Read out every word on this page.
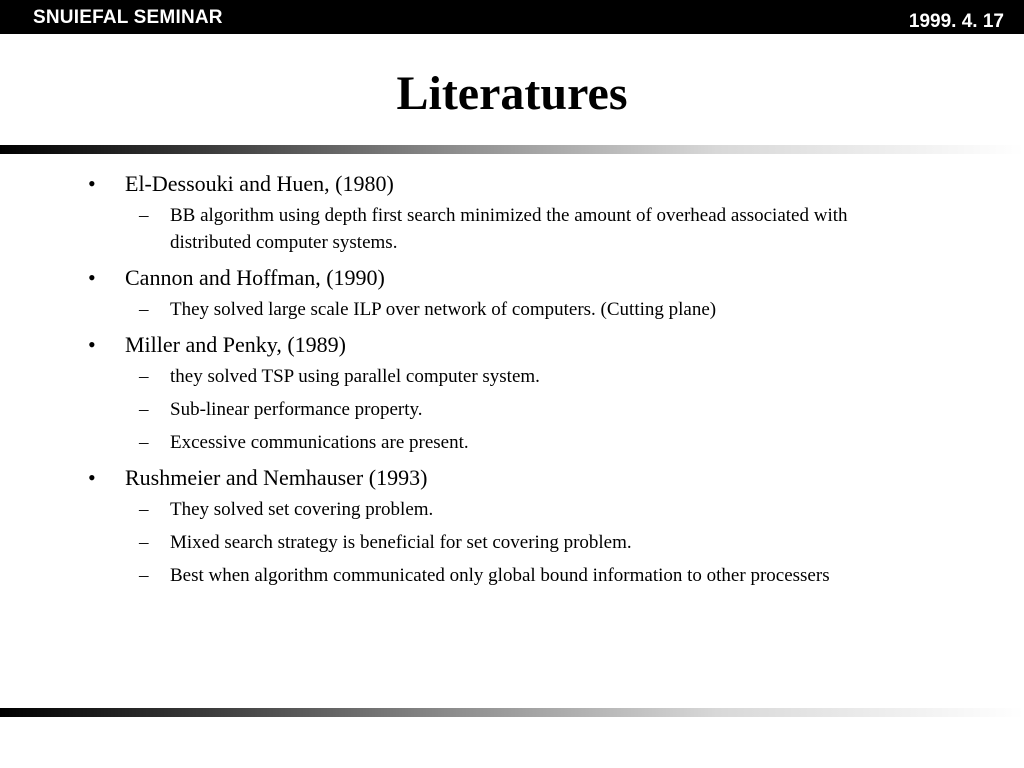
SNUIEFAL SEMINAR	1999. 4. 17
Literatures
• El-Dessouki and Huen, (1980)
– BB algorithm using depth first search minimized the amount of overhead associated with distributed computer systems.
• Cannon and Hoffman, (1990)
– They solved large scale ILP over network of computers. (Cutting plane)
• Miller and Penky, (1989)
– they solved TSP using parallel computer system.
– Sub-linear performance property.
– Excessive communications are present.
• Rushmeier and Nemhauser (1993)
– They solved set covering problem.
– Mixed search strategy is beneficial for set covering problem.
– Best when algorithm communicated only global bound information to other processers
